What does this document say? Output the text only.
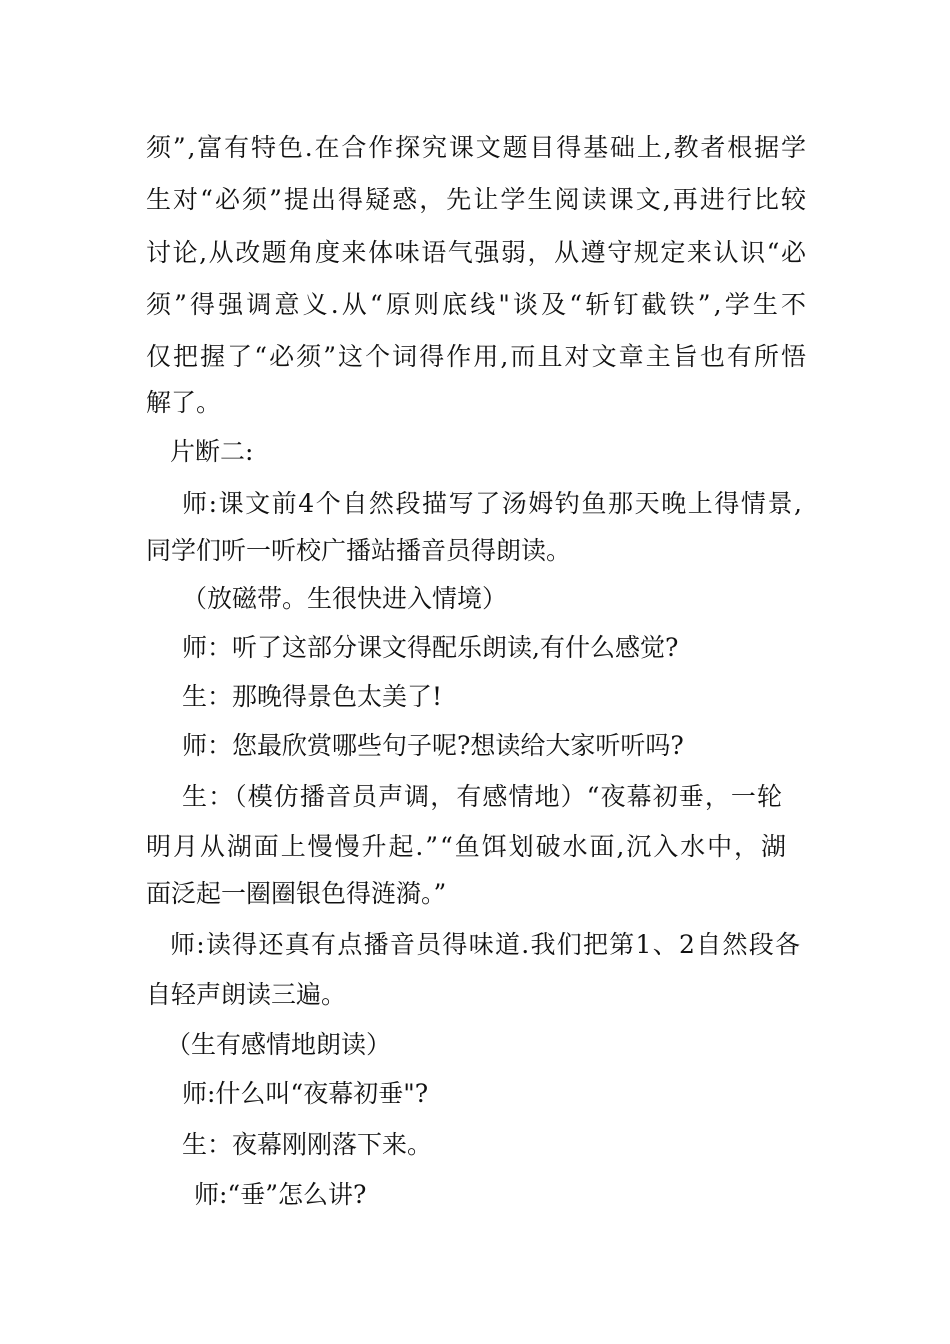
须”,富有特色.在合作探究课文题目得基础上,教者根据学
生对“必须”提出得疑惑，先让学生阅读课文,再进行比较
讨论,从改题角度来体味语气强弱，从遵守规定来认识“必
须”得强调意义.从“原则底线"谈及“斩钉截铁”,学生不
仅把握了“必须”这个词得作用,而且对文章主旨也有所悟
解了。
片断二:
师:课文前4个自然段描写了汤姆钓鱼那天晚上得情景,
同学们听一听校广播站播音员得朗读。
（放磁带。生很快进入情境）
师：听了这部分课文得配乐朗读,有什么感觉?
生：那晚得景色太美了!
师：您最欣赏哪些句子呢?想读给大家听听吗?
生：（模仿播音员声调，有感情地）“夜幕初垂，一轮
明月从湖面上慢慢升起.”“鱼饵划破水面,沉入水中，湖
面泛起一圈圈银色得涟漪。”
师:读得还真有点播音员得味道.我们把第1、2自然段各
自轻声朗读三遍。
（生有感情地朗读）
师:什么叫“夜幕初垂"?
生：夜幕刚刚落下来。
师:“垂”怎么讲?
